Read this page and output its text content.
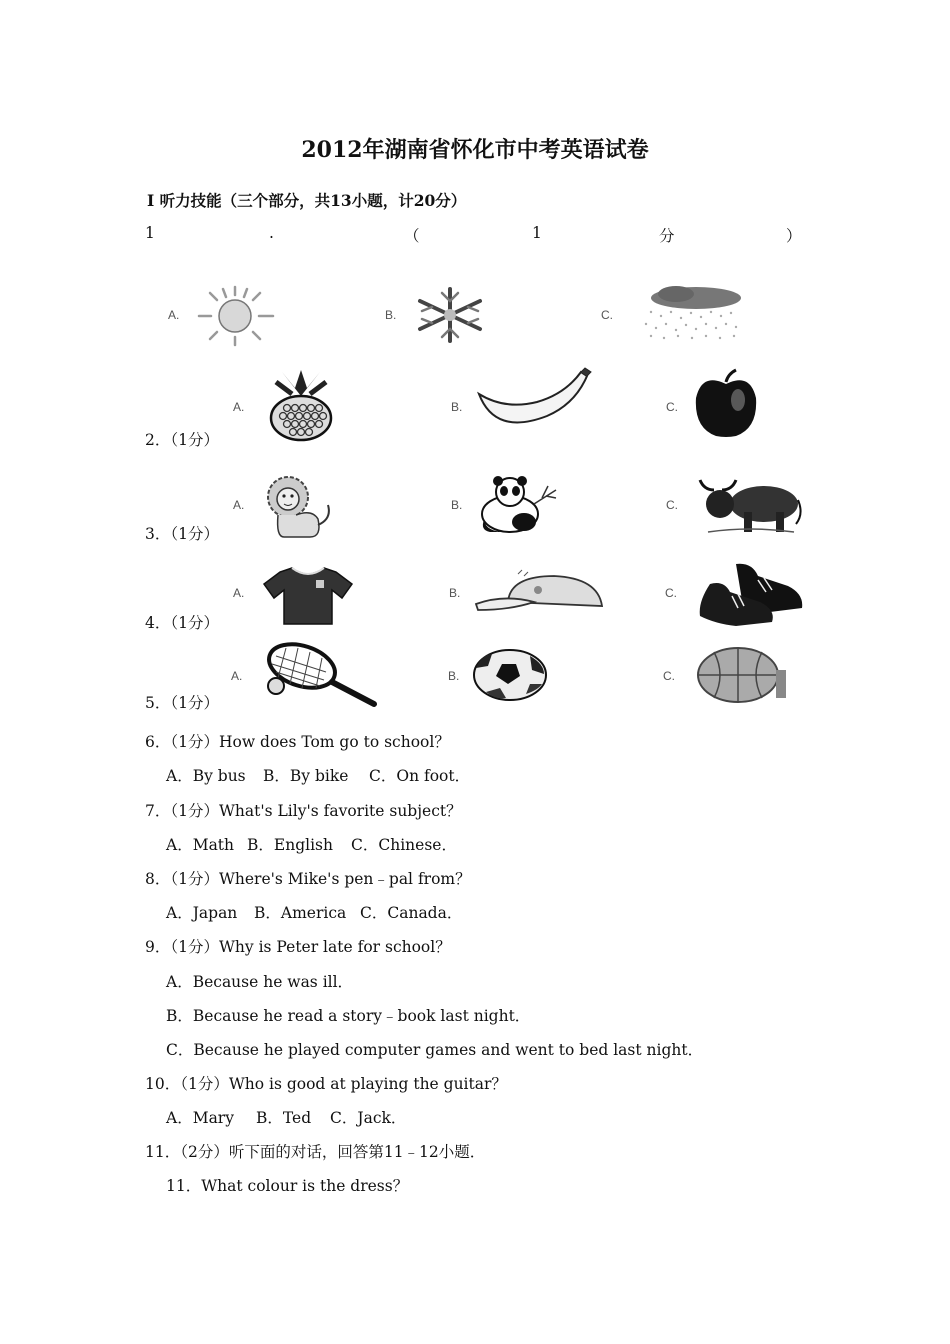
2012年湖南省怀化市中考英语试卷
Ⅰ 听力技能（三个部分，共13小题，计20分）
1	.	（	1	分	）
A.	B.	C.
2．（1分）
A.	B.	C.
3．（1分）
A.	B.	C.
4．（1分）
A.	B.	C.
5．（1分）
A.	B.	C.
6．（1分）How does Tom go to school？
A．By bus B．By bike C．On foot．
7．（1分）What's Lily's favorite subject？
A．Math B．English C．Chinese．
8．（1分）Where's Mike's pen﹣pal from？
A．Japan B．America C．Canada．
9．（1分）Why is Peter late for school？
A．Because he was ill．
B．Because he read a story﹣book last night．
C．Because he played computer games and went to bed last night．
10．（1分）Who is good at playing the guitar？
A．Mary B．Ted C．Jack．
11．（2分）听下面的对话，回答第11﹣12小题．
11．What colour is the dress？
